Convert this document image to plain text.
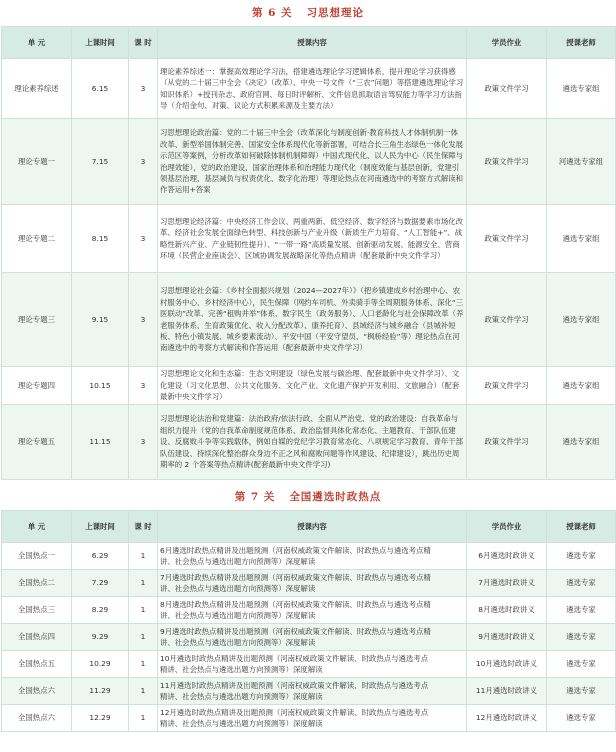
第 6 关 习思想理论
单 元	上课时间	课 时	授课内容	学员作业	授课老师
理论素养综述	6.15	3	理论素养综述一：掌握高效理论学习法，搭建遴选理论学习逻辑体系，提升理论学习获得感（从党的二十届三中全会《决定》（改革）、中央一号文件（“三农”问题）等搭建遴选理论学习知识体系）+授刊杂志、政府官网、每日时评解析、文件信息抓取语言驾驭能力等学习方法指导（介绍金句、对策、议论方式积累来源及主要方法）	政策文件学习	遴选专家组
理论专题一	7.15	3	习思想理论政治篇：党的二十届三中全会（改革深化与制度创新·教育科技人才体制机制一体改革、新型举国体制完善、国家安全体系现代化等新部署，可结合长三角生态绿色一体化发展示范区等案例，分析改革如何破除体制机制障碍）中国式现代化、以人民为中心（民生保障与治理效能），党的政治建设、国家治理体系和治理能力现代化（制度效能与基层创新，党建引领基层治理、基层减负与权责优化、数字化治理）等理论热点在河南遴选中的考察方式解读和作答运用+答案	政策文件学习	河遴选专家组
理论专题二	8.15	3	习思想理论经济篇：中央经济工作会议、两重两新、低空经济、数字经济与数据要素市场化改革、经济社会发展全面绿色转型、科技创新与产业升级（新质生产力培育、“人工智能+”、战略性新兴产业、产业链韧性提升）、“一带一路”高质量发展、创新驱动发展、能源安全、营商环境（民营企业座谈会）、区域协调发展战略深化等热点精讲（配套最新中央文件学习）	政策文件学习	遴选专家组
理论专题三	9.15	3	习思想理论社会篇：《乡村全面振兴规划（2024—2027年）》（把乡镇建成乡村治理中心、农村服务中心、乡村经济中心），民生保障（网约车司机、外卖骑手等全周期服务体系、深化“三医联动”改革、完善“租购并举”体系、数字民生（政务服务）、人口老龄化与社会保障改革（养老服务体系、生育政策优化、收入分配改革）、康养托育）、县域经济与城乡融合（县城补短板、特色小镇发展、城乡要素流动）、平安中国（平安守望员、“枫桥经验”等）理论热点在河南遴选中的考察方式解读和作答运用（配套最新中央文件学习）	政策文件学习	遴选专家组
理论专题四	10.15	3	习思想理论文化和生态篇：生态文明建设（绿色发展与碳治理、配套最新中央文件学习）、文化建设（习文化思想、公共文化服务、文化产业、文化遗产保护开发利用、文旅融合）（配套最新中央文件学习）	政策文件学习	遴选专家组
理论专题五	11.15	3	习思想理论法治和党建篇：法治政府/依法行政、全面从严治党、党的政治建设：自我革命与组织力提升（党的自我革命制度规范体系、政治监督具体化常态化、主题教育、干部队伍建设、反腐败斗争等实践载体，例如自媒的党纪学习教育常态化、八项规定学习教育、青年干部队伍建设、持续深化整治群众身边不正之风和腐败问题等作风建设、纪律建设），跳出历史周期率的 2 个答案等热点精讲(配套最新中央文件学习)	政策文件学习	遴选专家组
第 7 关 全国遴选时政热点
单 元	上课时间	课 时	授课内容	学员作业	授课老师
全国热点一	6.29	1	6月遴选时政热点精讲及出题预测（河南权威政策文件解读、时政热点与遴选考点精
讲、社会热点与遴选出题方向预测等）深度解读	6月遴选时政讲义	遴选专家
全国热点二	7.29	1	7月遴选时政热点精讲及出题预测（河南权威政策文件解读、时政热点与遴选考点精
讲、社会热点与遴选出题方向预测等）深度解读	7月遴选时政讲义	遴选专家
全国热点三	8.29	1	8月遴选时政热点精讲及出题预测（河南权威政策文件解读、时政热点与遴选考点精
讲、社会热点与遴选出题方向预测等）深度解读	8月遴选时政讲义	遴选专家
全国热点四	9.29	1	9月遴选时政热点精讲及出题预测（河南权威政策文件解读、时政热点与遴选考点精
讲、社会热点与遴选出题方向预测等）深度解读	9月遴选时政讲义	遴选专家
全国热点五	10.29	1	10月遴选时政热点精讲及出题预测（河南权威政策文件解读、时政热点与遴选考点
精讲、社会热点与遴选出题方向预测等）深度解读	10月遴选时政讲义	遴选专家
全国热点六	11.29	1	11月遴选时政热点精讲及出题预测（河南权威政策文件解读、时政热点与遴选考点
精讲、社会热点与遴选出题方向预测等）深度解读	11月遴选时政讲义	遴选专家
全国热点六	12.29	1	12月遴选时政热点精讲及出题预测（河南权威政策文件解读、时政热点与遴选考点
精讲、社会热点与遴选出题方向预测等）深度解读	12月遴选时政讲义	遴选专家
